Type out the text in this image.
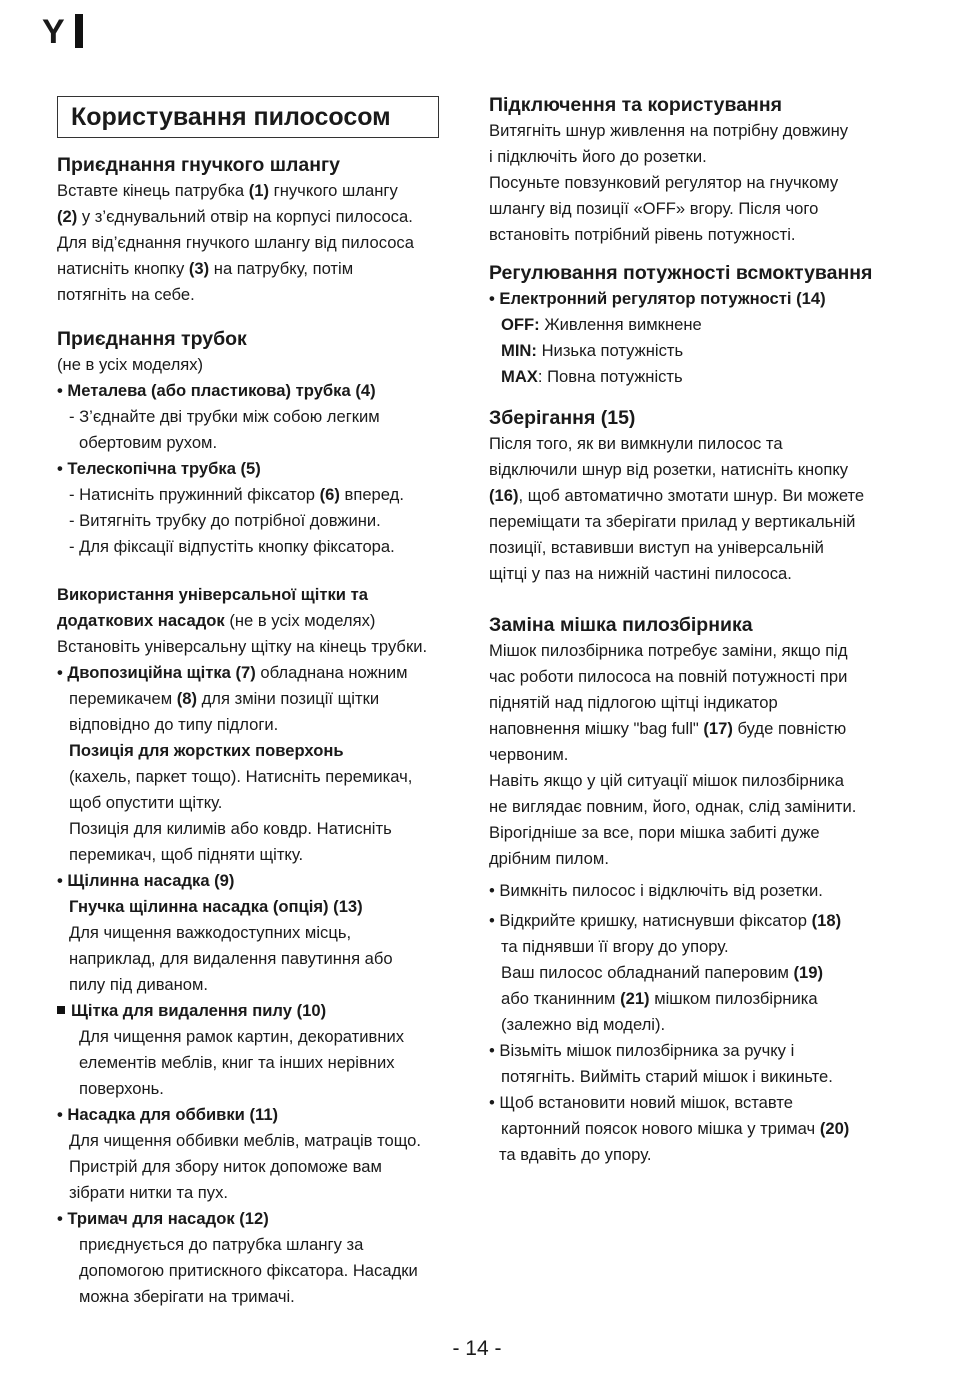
Y
Користування пилососом
Приєднання гнучкого шлангу

Вставте кінець патрубка (1) гнучкого шлангу

(2) у з’єднувальний отвір на корпусі пилососа.

Для від’єднання гнучкого шлангу від пилососа

натисніть кнопку (3) на патрубку, потім

потягніть на себе.

Приєднання трубок

(не в усіх моделях)

• Металева (або пластикова) трубка (4)

- З’єднайте дві трубки між собою легким

обертовим рухом.

• Телескопічна трубка (5)

- Натисніть пружинний фіксатор (6) вперед.

- Витягніть трубку до потрібної довжини.

- Для фіксації відпустіть кнопку фіксатора.

Використання універсальної щітки та

додаткових насадок (не в усіх моделях)

Встановіть універсальну щітку на кінець трубки.

• Двопозиційна щітка (7) обладнана ножним

перемикачем (8) для зміни позиції щітки

відповідно до типу підлоги.

Позиція для жорстких поверхонь

(кахель, паркет тощо). Натисніть перемикач,

щоб опустити щітку.

Позиція для килимів або ковдр. Натисніть

перемикач, щоб підняти щітку.

• Щілинна насадка (9)

Гнучка щілинна насадка (опція) (13)

Для чищення важкодоступних місць,

наприклад, для видалення павутиння або

пилу під диваном.

Щітка для видалення пилу (10)

Для чищення рамок картин, декоративних

елементів меблів, книг та інших нерівних

поверхонь.

• Насадка для оббивки (11)

Для чищення оббивки меблів, матраців тощо.

Пристрій для збору ниток допоможе вам

зібрати нитки та пух.

• Тримач для насадок (12)

приєднується до патрубка шлангу за

допомогою притискного фіксатора. Насадки

можна зберігати на тримачі.

Підключення та користування

Витягніть шнур живлення на потрібну довжину

і підключіть його до розетки.

Посуньте повзунковий регулятор на гнучкому

шлангу від позиції «OFF» вгору. Після чого

встановіть потрібний рівень потужності.

Регулювання потужності всмоктування

• Електронний регулятор потужності (14)

OFF: Живлення вимкнене

MIN: Низька потужність

MAX: Повна потужність

Зберігання (15)

Після того, як ви вимкнули пилосос та

відключили шнур від розетки, натисніть кнопку

(16), щоб автоматично змотати шнур. Ви можете

переміщати та зберігати прилад у вертикальній

позиції, вставивши виступ на універсальній

щітці у паз на нижній частині пилососа.

Заміна мішка пилозбірника

Мішок пилозбірника потребує заміни, якщо під

час роботи пилососа на повній потужності при

піднятій над підлогою щітці індикатор

наповнення мішку "bag full" (17) буде повністю

червоним.

Навіть якщо у цій ситуації мішок пилозбірника

не виглядає повним, його, однак, слід замінити.

Вірогідніше за все, пори мішка забиті дуже

дрібним пилом.

• Вимкніть пилосос і відключіть від розетки.

• Відкрийте кришку, натиснувши фіксатор (18)

та піднявши її вгору до упору.

Ваш пилосос обладнаний паперовим (19)

або тканинним (21) мішком пилозбірника

(залежно від моделі).

• Візьміть мішок пилозбірника за ручку і

потягніть. Вийміть старий мішок і викиньте.

• Щоб встановити новий мішок, вставте

картонний поясок нового мішка у тримач (20)

та вдавіть до упору.

- 14 -
